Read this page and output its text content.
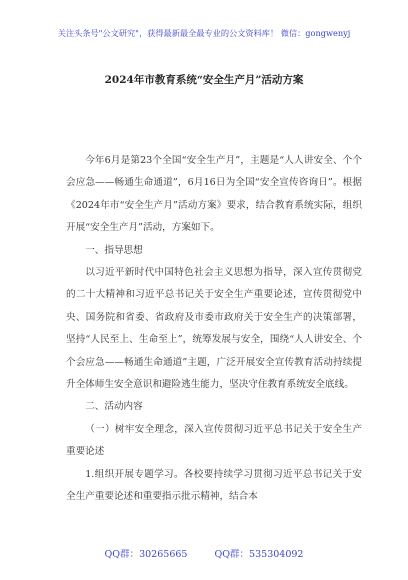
关注头条号"公文研究"，获得最新最全最专业的公文资料库！ 微信：gongwenyj
2024年市教育系统“安全生产月”活动方案

今年6月是第23个全国“安全生产月”，主题是“人人讲安全、个个会应急——畅通生命通道”，6月16日为全国“安全宣传咨询日”。根据《2024年市“安全生产月”活动方案》要求，结合教育系统实际，组织开展“安全生产月”活动，方案如下。

一、指导思想

以习近平新时代中国特色社会主义思想为指导，深入宣传贯彻党的二十大精神和习近平总书记关于安全生产重要论述，宣传贯彻党中央、国务院和省委、省政府及市委市政府关于安全生产的决策部署，坚持“人民至上、生命至上”，统筹发展与安全，围绕“人人讲安全、个个会应急——畅通生命通道”主题，广泛开展安全宣传教育活动持续提升全体师生安全意识和避险逃生能力，坚决守住教育系统安全底线。

二、活动内容

（一）树牢安全理念，深入宣传贯彻习近平总书记关于安全生产重要论述

1.组织开展专题学习。各校要持续学习贯彻习近平总书记关于安全生产重要论述和重要指示批示精神，结合本

QQ群：30265665	QQ群：535304092
